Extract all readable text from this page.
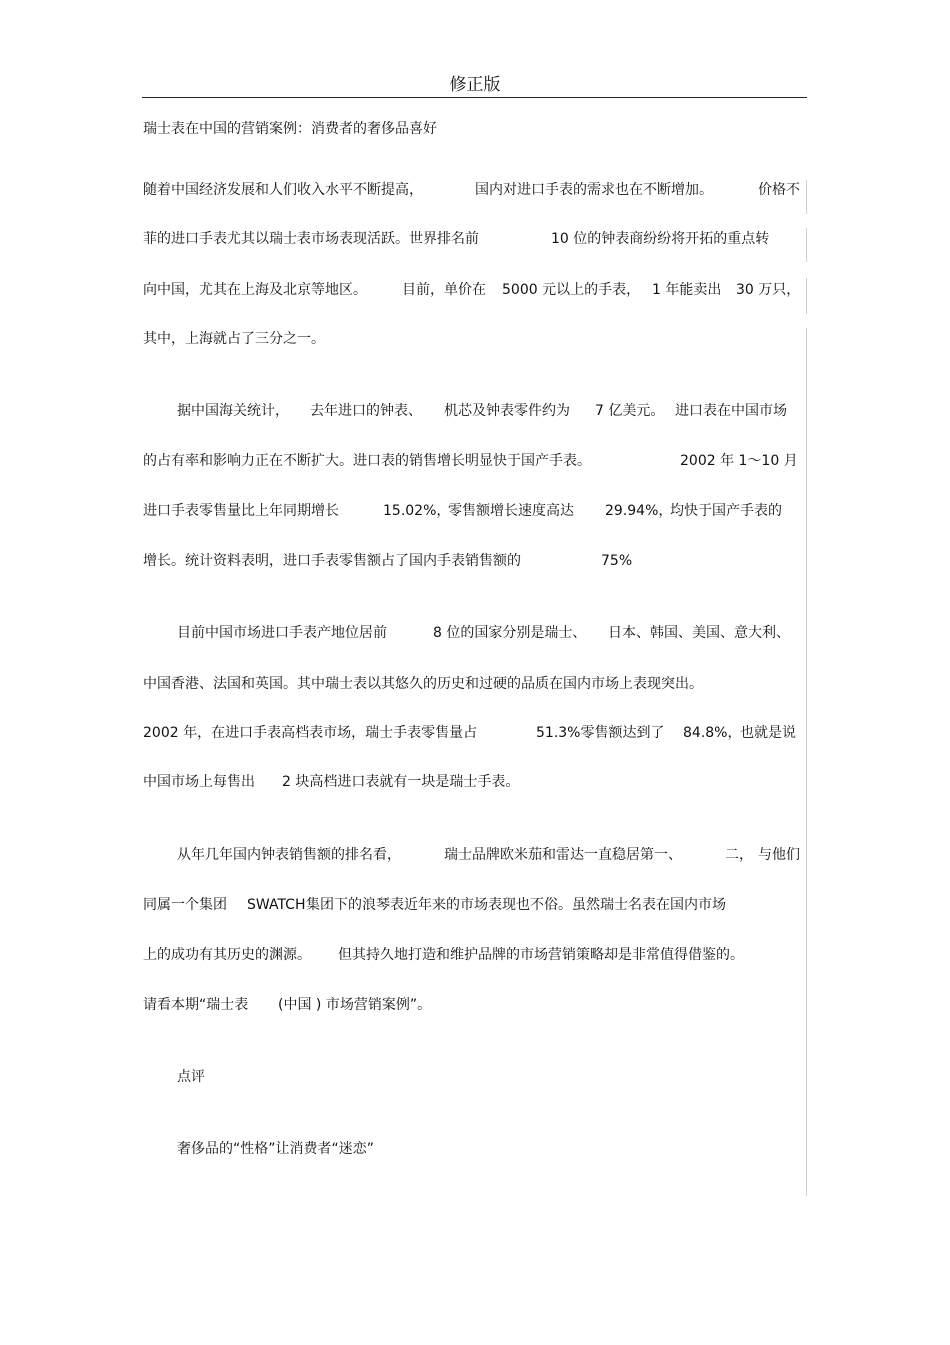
修正版
瑞士表在中国的营销案例：消费者的奢侈品喜好
随着中国经济发展和人们收入水平不断提高，	国内对进口手表的需求也在不断增加。	价格不
菲的进口手表尤其以瑞士表市场表现活跃。世界排名前	10 位的钟表商纷纷将开拓的重点转
向中国，尤其在上海及北京等地区。	目前，单价在 5000 元以上的手表， 1 年能卖出 30 万只，
其中，上海就占了三分之一。
据中国海关统计， 去年进口的钟表、 机芯及钟表零件约为 7 亿美元。 进口表在中国市场
的占有率和影响力正在不断扩大。进口表的销售增长明显快于国产手表。	2002 年 1～10 月
进口手表零售量比上年同期增长	15.02%，
零售额增长速度高达 29.94%，
均快于国产手表的
增长。统计资料表明，进口手表零售额占了国内手表销售额的	75%
目前中国市场进口手表产地位居前	8 位的国家分别是瑞士、 日本、韩国、美国、意大利、
中国香港、法国和英国。其中瑞士表以其悠久的历史和过硬的品质在国内市场上表现突出。
2002 年，在进口手表高档表市场，瑞士手表零售量占	51.3%零售额达到了 84.8%，
也就是说
中国市场上每售出 2 块高档进口表就有一块是瑞士手表。
从年几年国内钟表销售额的排名看，	瑞士品牌欧米茄和雷达一直稳居第一、	二， 与他们
同属一个集团 SWATCH 集团下的浪琴表近年来的市场表现也不俗。虽然瑞士名表在国内市场
上的成功有其历史的渊源。 但其持久地打造和维护品牌的市场营销策略却是非常值得借鉴的。
请看本期“瑞士表 (中国 ) 市场营销案例”。
点评
奢侈品的“性格”让消费者“迷恋”
